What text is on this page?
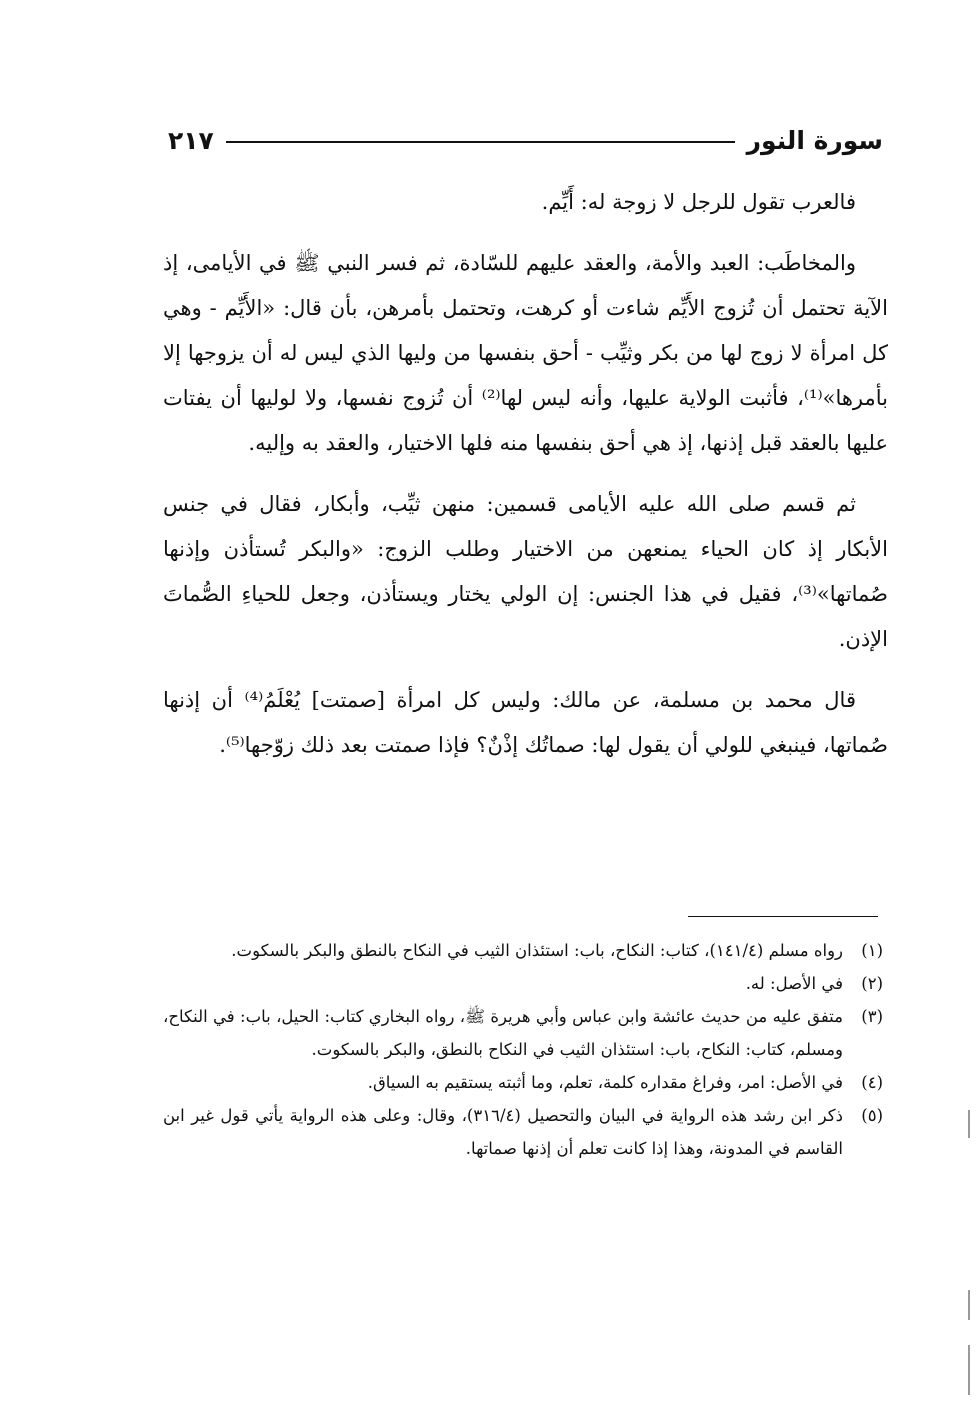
سورة النور
٢١٧

فالعرب تقول للرجل لا زوجة له: أَيِّم.

والمخاطَب: العبد والأمة، والعقد عليهم للسّادة، ثم فسر النبي ﷺ في الأيامى، إذ الآية تحتمل أن تُزوج الأَيِّم شاءت أو كرهت، وتحتمل بأمرهن، بأن قال: «الأَيِّم - وهي كل امرأة لا زوج لها من بكر وثيِّب - أحق بنفسها من وليها الذي ليس له أن يزوجها إلا بأمرها»⁽¹⁾، فأثبت الولاية عليها، وأنه ليس لها⁽²⁾ أن تُزوج نفسها، ولا لوليها أن يفتات عليها بالعقد قبل إذنها، إذ هي أحق بنفسها منه فلها الاختيار، والعقد به وإليه.

ثم قسم صلى الله عليه الأيامى قسمين: منهن ثيِّب، وأبكار، فقال في جنس الأبكار إذ كان الحياء يمنعهن من الاختيار وطلب الزوج: «والبكر تُستأذن وإذنها صُماتها»⁽³⁾، فقيل في هذا الجنس: إن الولي يختار ويستأذن، وجعل للحياءِ الصُّماتَ الإذن.

قال محمد بن مسلمة، عن مالك: وليس كل امرأة [صمتت] يُعْلَمُ⁽⁴⁾ أن إذنها صُماتها، فينبغي للولي أن يقول لها: صماتُك إذْنٌ؟ فإذا صمتت بعد ذلك زوّجها⁽⁵⁾.

(١)
رواه مسلم (١٤١/٤)، كتاب: النكاح، باب: استئذان الثيب في النكاح بالنطق والبكر بالسكوت.
(٢)
في الأصل: له.
(٣)
متفق عليه من حديث عائشة وابن عباس وأبي هريرة ﷺ، رواه البخاري كتاب: الحيل، باب: في النكاح، ومسلم، كتاب: النكاح، باب: استئذان الثيب في النكاح بالنطق، والبكر بالسكوت.
(٤)
في الأصل: امر، وفراغ مقداره كلمة، تعلم، وما أثبته يستقيم به السياق.
(٥)
ذكر ابن رشد هذه الرواية في البيان والتحصيل (٣١٦/٤)، وقال: وعلى هذه الرواية يأتي قول غير ابن القاسم في المدونة، وهذا إذا كانت تعلم أن إذنها صماتها.
